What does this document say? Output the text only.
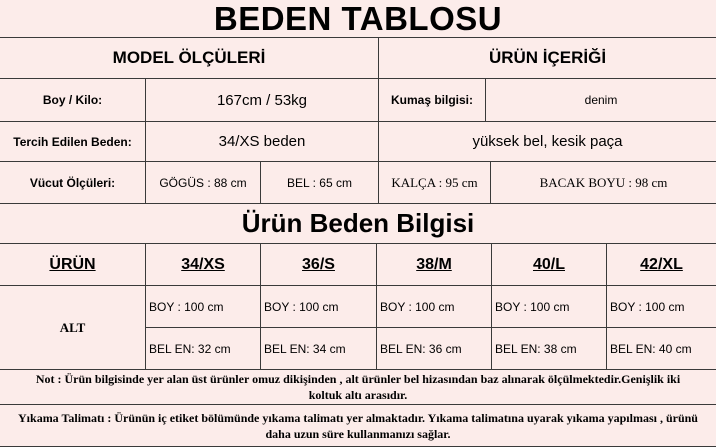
BEDEN TABLOSU
MODEL ÖLÇÜLERİ	ÜRÜN İÇERİĞİ
Boy / Kilo:	167cm / 53kg	Kumaş bilgisi:	denim
Tercih Edilen Beden:	34/XS beden	yüksek bel, kesik paça
Vücut Ölçüleri:	GÖGÜS : 88 cm	BEL : 65 cm	KALÇA : 95 cm	BACAK BOYU : 98 cm
Ürün Beden Bilgisi
ÜRÜN	34/XS	36/S	38/M	40/L	42/XL
ALT
BOY : 100 cm	BOY : 100 cm	BOY : 100 cm	BOY : 100 cm	BOY : 100 cm
BEL EN: 32 cm	BEL EN: 34 cm	BEL EN: 36 cm	BEL EN: 38 cm	BEL EN: 40 cm
Not : Ürün bilgisinde yer alan üst ürünler omuz dikişinden , alt ürünler bel hizasından baz alınarak ölçülmektedir.Genişlik iki koltuk altı arasıdır.
Yıkama Talimatı : Ürünün iç etiket bölümünde yıkama talimatı yer almaktadır. Yıkama talimatına uyarak yıkama yapılması , ürünü daha uzun süre kullanmanızı sağlar.
